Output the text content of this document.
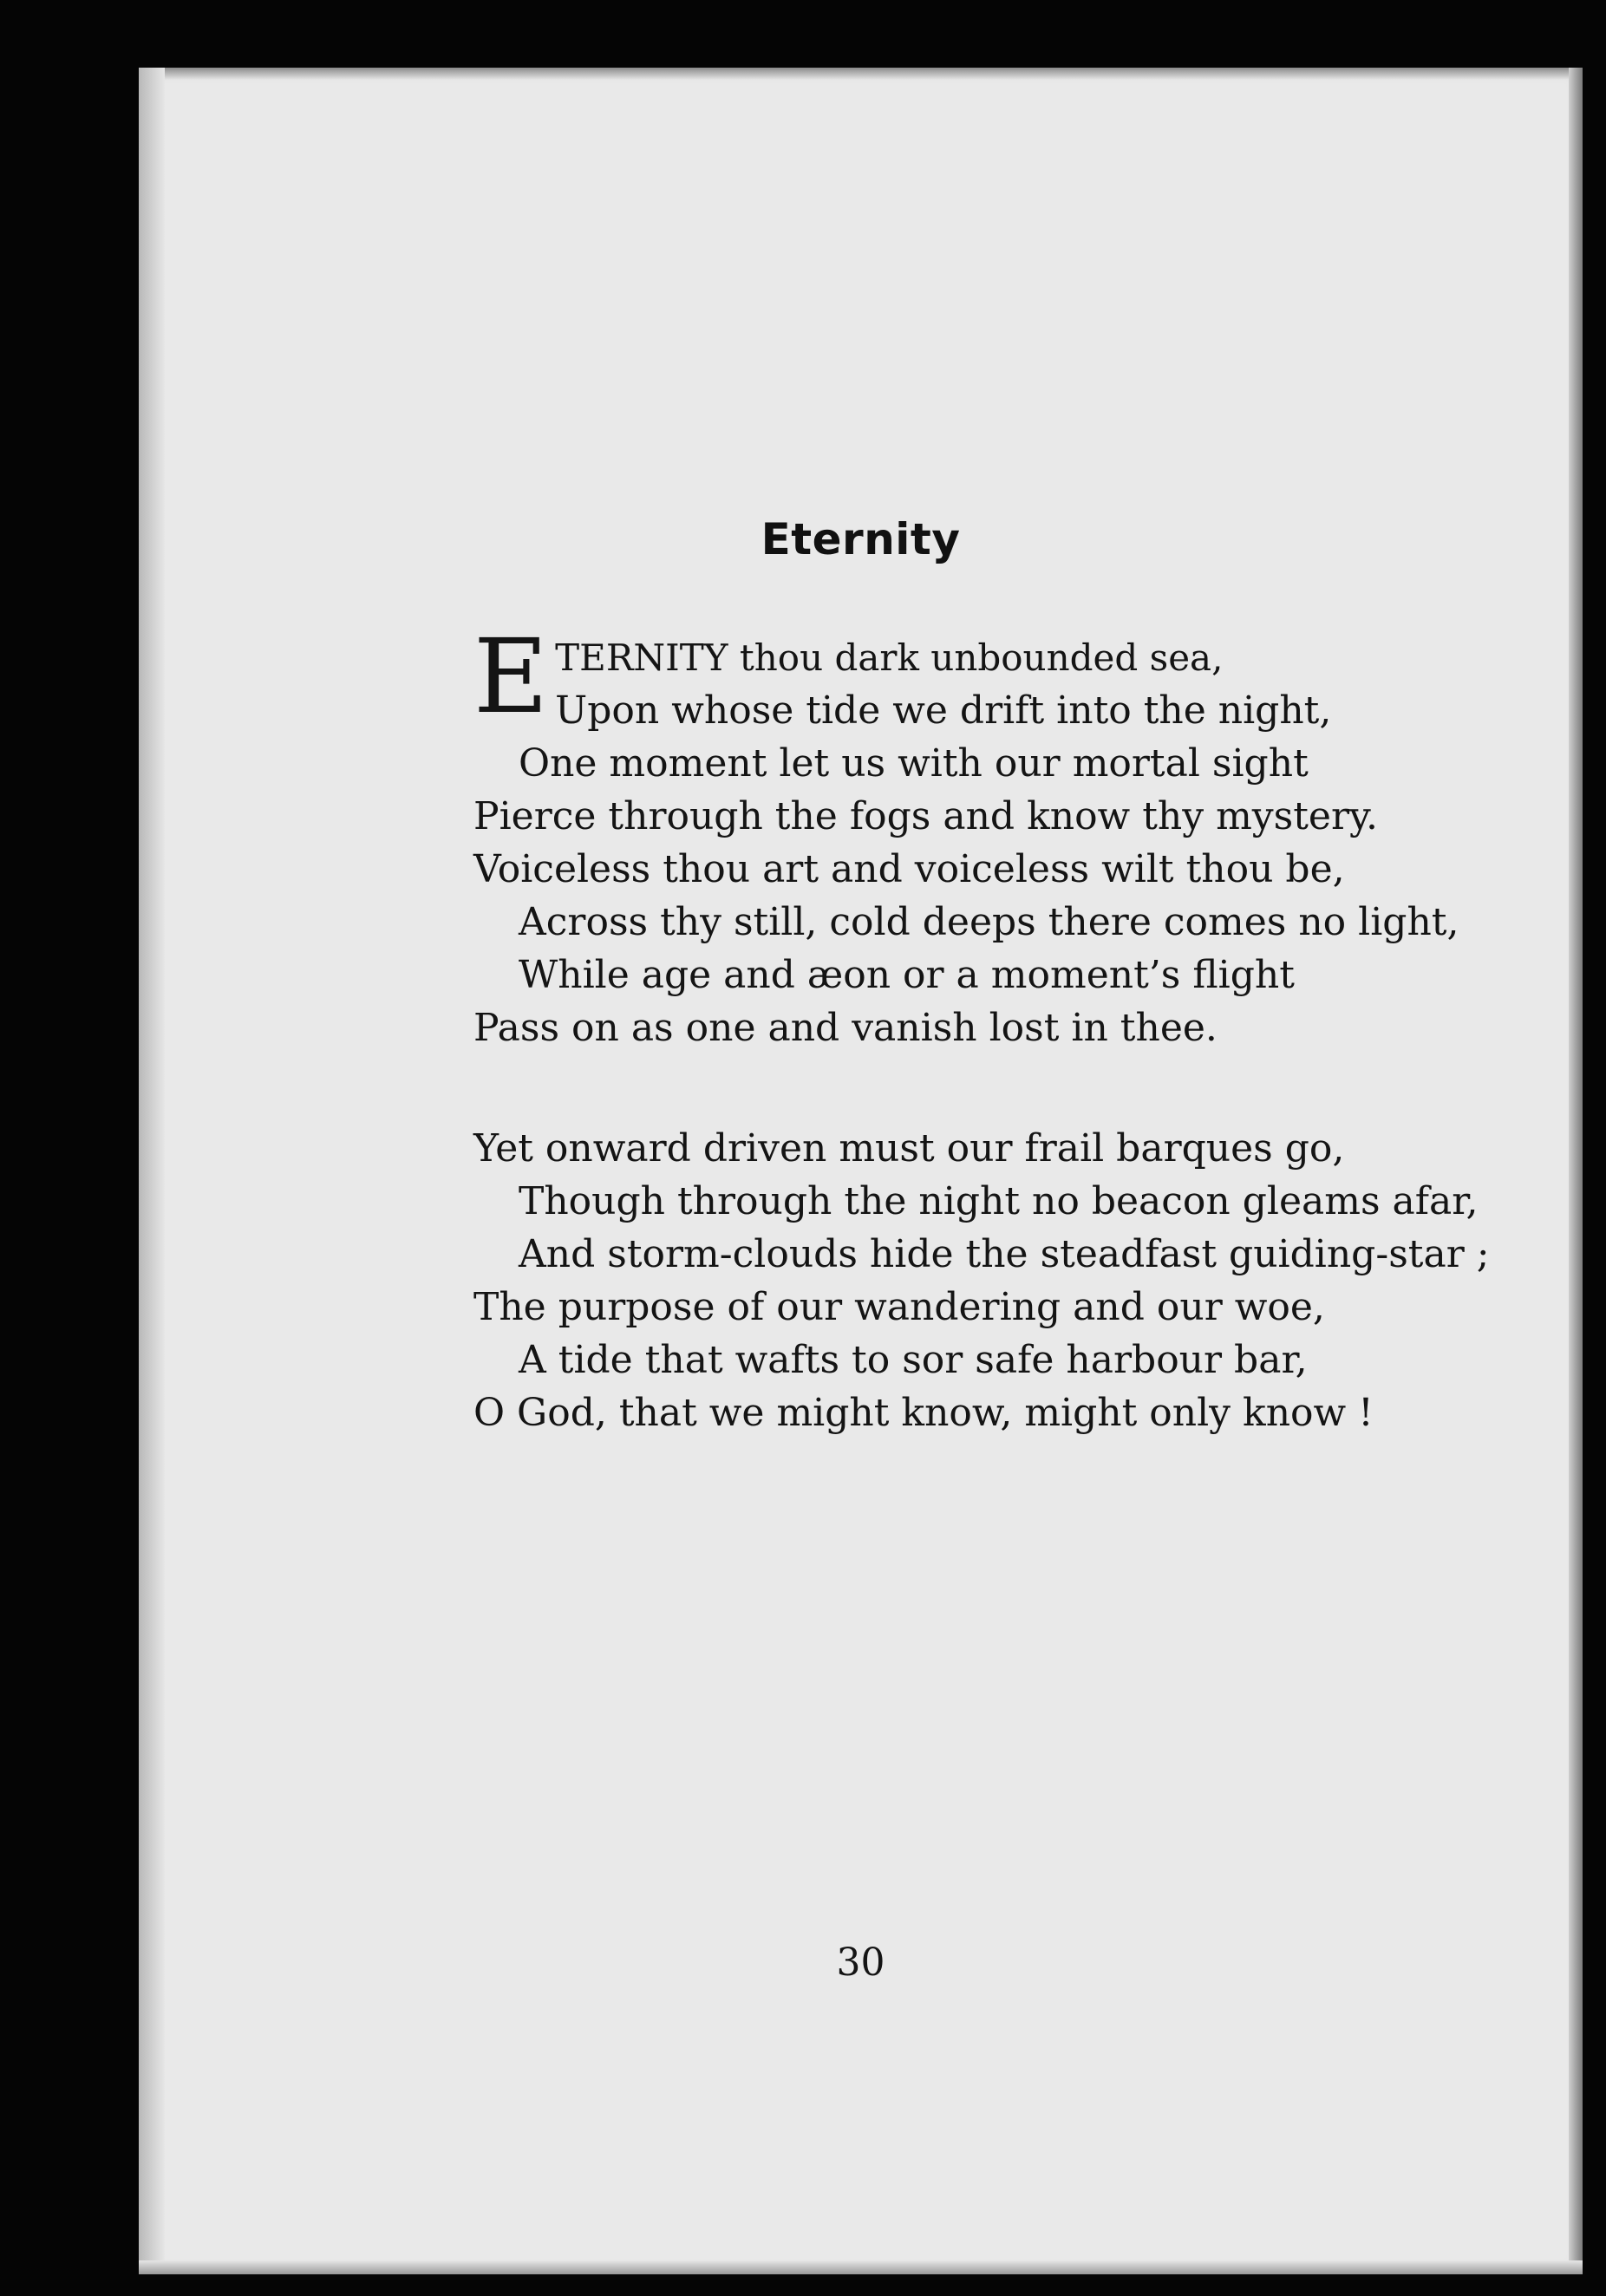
Eternity
E TERNITY thou dark unbounded sea,
Upon whose tide we drift into the night,
One moment let us with our mortal sight
Pierce through the fogs and know thy mystery.
Voiceless thou art and voiceless wilt thou be,
Across thy still, cold deeps there comes no light,
While age and æon or a moment’s flight
Pass on as one and vanish lost in thee.
Yet onward driven must our frail barques go,
Though through the night no beacon gleams afar,
And storm-clouds hide the steadfast guiding-star ;
The purpose of our wandering and our woe,
A tide that wafts to sor safe harbour bar,
O God, that we might know, might only know !
30
